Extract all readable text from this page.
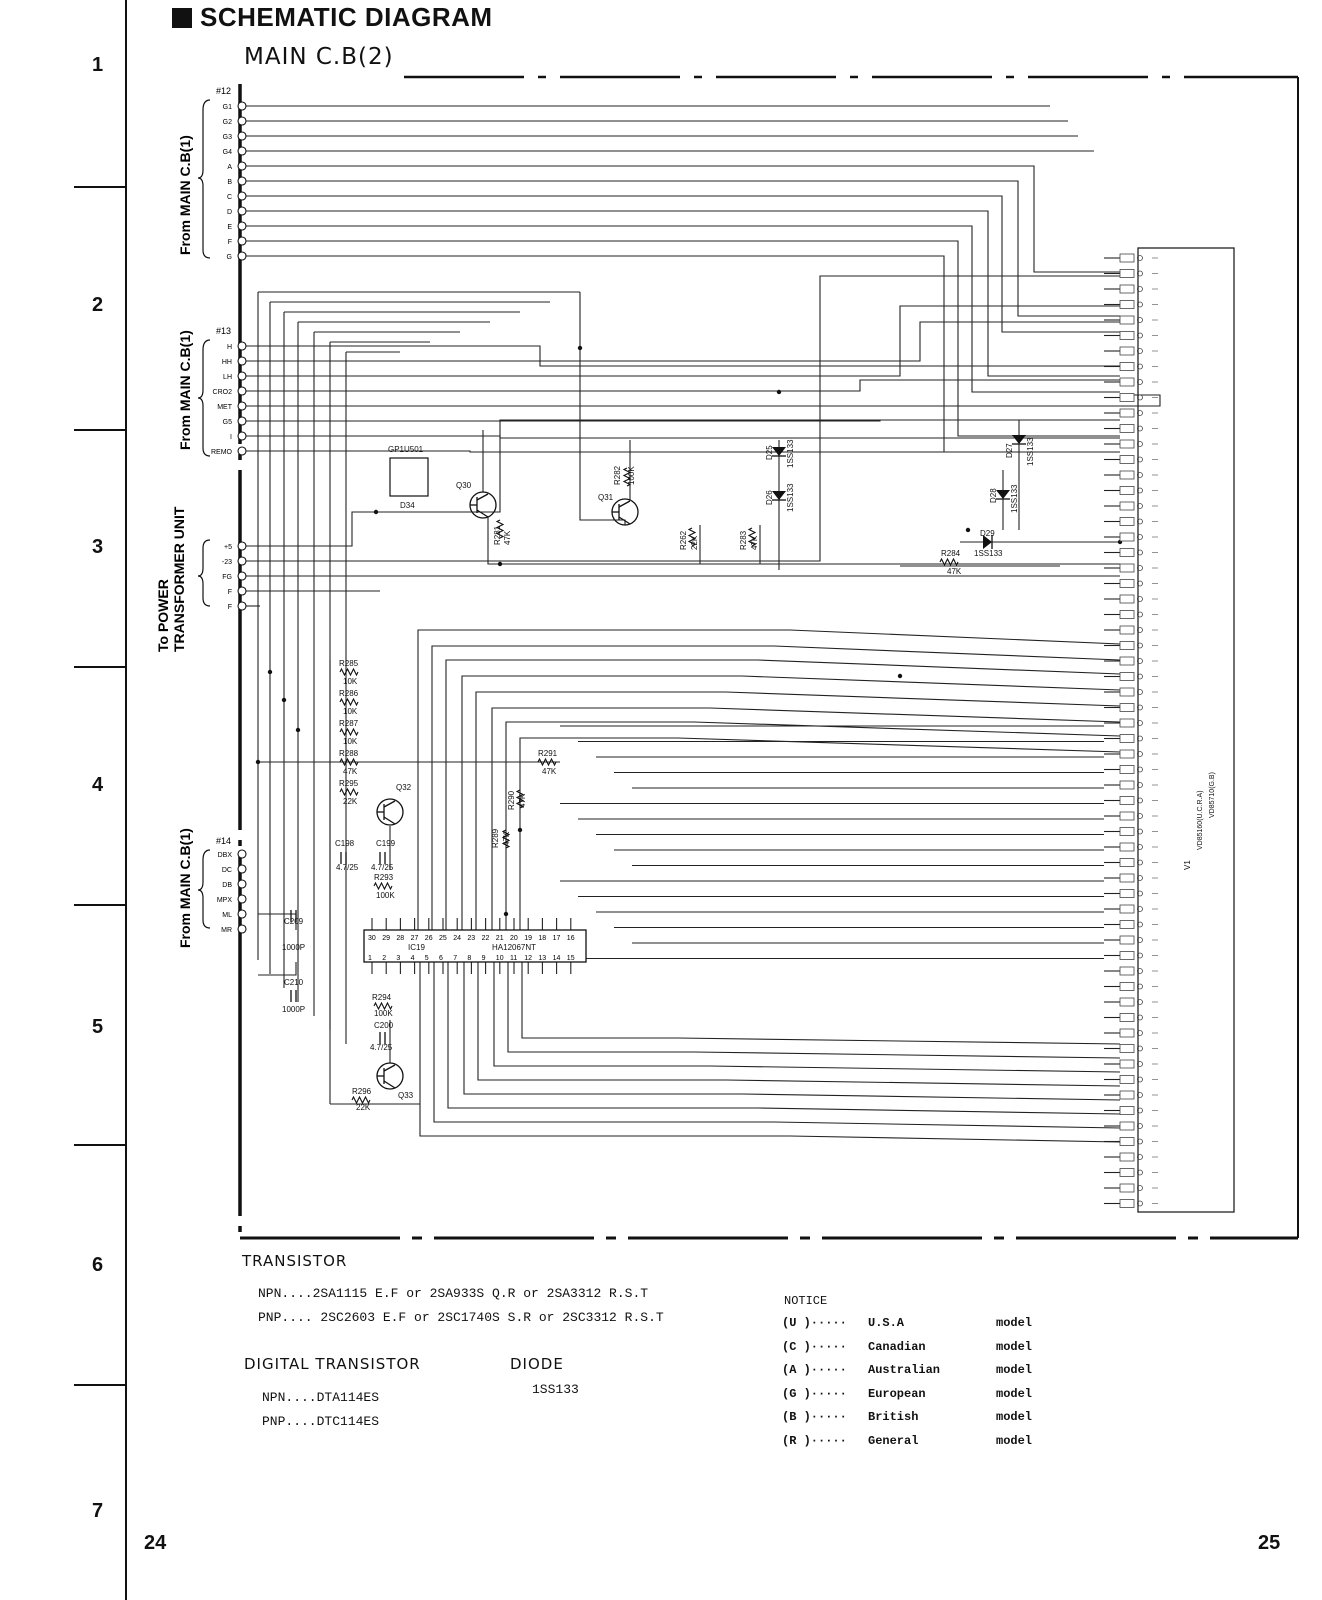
G1
G2
G3
G4
A
B
C
D
E
F
G
H
HH
LH
CRO2
MET
G5
I
REMO
+5
-23
FG
F
F
DBX
DC
DB
MPX
ML
MR
30 29 28 27 26 25 24 23 22 21 20 19 18 17 16
1 2 3 4 5 6 7 8 9 10 11 12 13 14 15
From MAIN C.B(1)
From MAIN C.B(1)
To POWER TRANSFORMER UNIT
From MAIN C.B(1)
#12
#13
#14
GP1U501
D34
Q30
Q31
Q32
Q33
R281 47K
R282 100K
R262 22K	R283 47K
R284
47K
D25 1SS133
D26 1SS133
D27 1SS133
D28 1SS133
D29
1SS133
R285
10K
R286
10K
R287
10K
R288
47K
R295
22K
R291
47K
R290 47K
R289 47K
C198
4.7/25
C199
4.7/25
R293
100K
C209
1000P
C210
1000P
R294
100K
C200
4.7/25
R296
22K
IC19	HA12067NT
V1
VD85160(U.C.R.A) VD85710(G.B)
SCHEMATIC DIAGRAM
MAIN C.B(2)
1
2
3
4
5
6
7
24	25
TRANSISTOR
NPN....2SA1115 E.F or 2SA933S Q.R or 2SA3312 R.S.T
PNP.... 2SC2603 E.F or 2SC1740S S.R or 2SC3312 R.S.T
DIGITAL TRANSISTOR
NPN....DTA114ES
PNP....DTC114ES
DIODE
1SS133
NOTICE
(U )····· U.S.A	model
(C )····· Canadian	model
(A )····· Australian	model
(G )····· European	model
(B )····· British	model
(R )····· General	model
